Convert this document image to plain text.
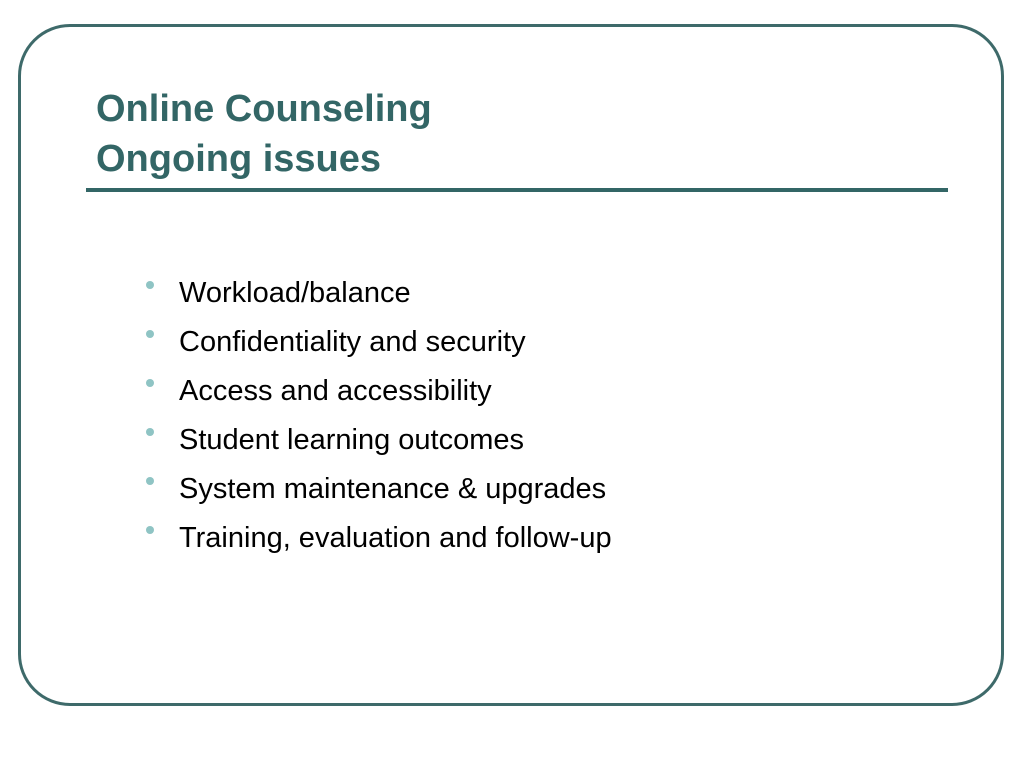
Online Counseling
Ongoing issues
Workload/balance
Confidentiality and security
Access and accessibility
Student learning outcomes
System maintenance & upgrades
Training, evaluation and follow-up
